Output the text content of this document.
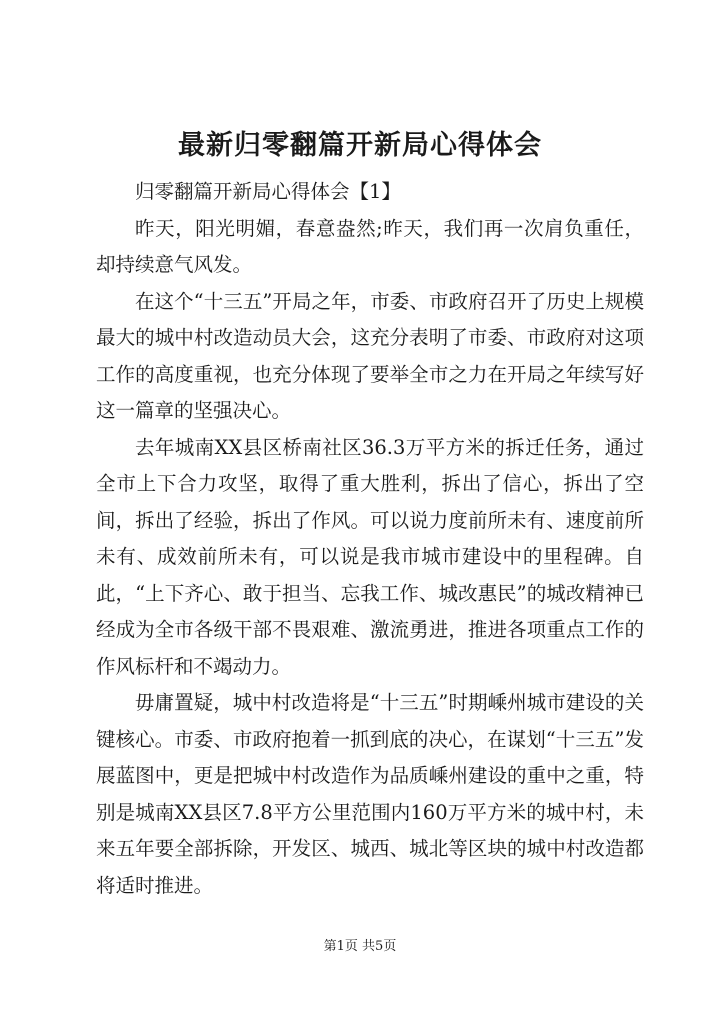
最新归零翻篇开新局心得体会

归零翻篇开新局心得体会【1】

昨天，阳光明媚，春意盎然;昨天，我们再一次肩负重任，却持续意气风发。

在这个“十三五”开局之年，市委、市政府召开了历史上规模最大的城中村改造动员大会，这充分表明了市委、市政府对这项工作的高度重视，也充分体现了要举全市之力在开局之年续写好这一篇章的坚强决心。

去年城南XX县区桥南社区36.3万平方米的拆迁任务，通过全市上下合力攻坚，取得了重大胜利，拆出了信心，拆出了空间，拆出了经验，拆出了作风。可以说力度前所未有、速度前所未有、成效前所未有，可以说是我市城市建设中的里程碑。自此，“上下齐心、敢于担当、忘我工作、城改惠民”的城改精神已经成为全市各级干部不畏艰难、激流勇进，推进各项重点工作的作风标杆和不竭动力。

毋庸置疑，城中村改造将是“十三五”时期嵊州城市建设的关键核心。市委、市政府抱着一抓到底的决心，在谋划“十三五”发展蓝图中，更是把城中村改造作为品质嵊州建设的重中之重，特别是城南XX县区7.8平方公里范围内160万平方米的城中村，未来五年要全部拆除，开发区、城西、城北等区块的城中村改造都将适时推进。

第1页 共5页
